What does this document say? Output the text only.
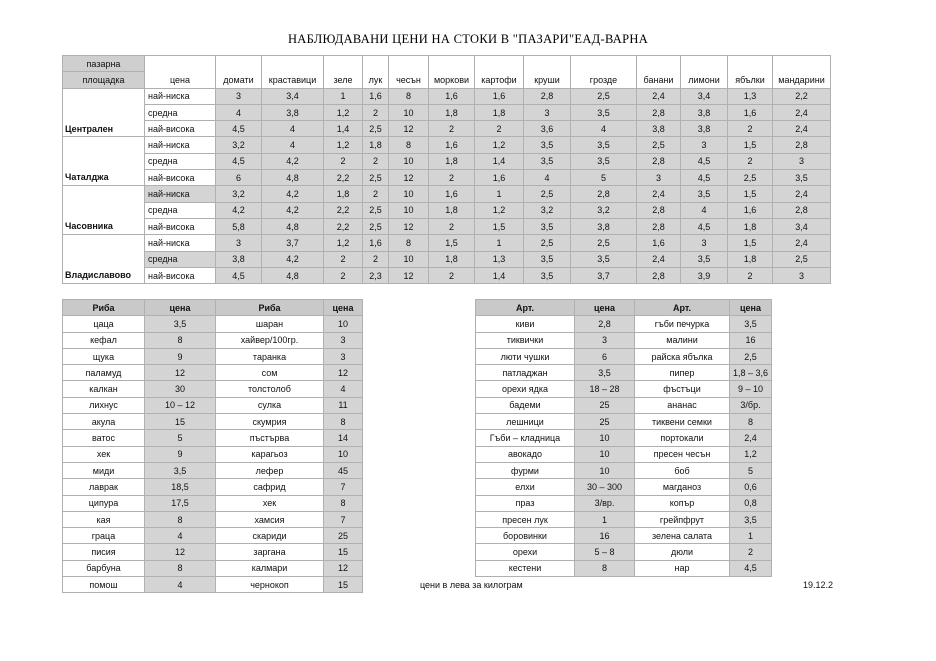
НАБЛЮДАВАНИ ЦЕНИ НА СТОКИ В "ПАЗАРИ"ЕАД-ВАРНА
пазарна	цена	домати	краставици	зеле	лук	чесън	моркови	картофи	круши	грозде	банани	лимони	ябълки	мандарини
площадка														
	най-ниска	3	3,4	1	1,6	8	1,6	1,6	2,8	2,5	2,4	3,4	1,3	2,2
	средна	4	3,8	1,2	2	10	1,8	1,8	3	3,5	2,8	3,8	1,6	2,4
Централен	най-висока	4,5	4	1,4	2,5	12	2	2	3,6	4	3,8	3,8	2	2,4
	най-ниска	3,2	4	1,2	1,8	8	1,6	1,2	3,5	3,5	2,5	3	1,5	2,8
	средна	4,5	4,2	2	2	10	1,8	1,4	3,5	3,5	2,8	4,5	2	3
Чаталджа	най-висока	6	4,8	2,2	2,5	12	2	1,6	4	5	3	4,5	2,5	3,5
	най-ниска	3,2	4,2	1,8	2	10	1,6	1	2,5	2,8	2,4	3,5	1,5	2,4
	средна	4,2	4,2	2,2	2,5	10	1,8	1,2	3,2	3,2	2,8	4	1,6	2,8
Часовника	най-висока	5,8	4,8	2,2	2,5	12	2	1,5	3,5	3,8	2,8	4,5	1,8	3,4
	най-ниска	3	3,7	1,2	1,6	8	1,5	1	2,5	2,5	1,6	3	1,5	2,4
	средна	3,8	4,2	2	2	10	1,8	1,3	3,5	3,5	2,4	3,5	1,8	2,5
Владиславово	най-висока	4,5	4,8	2	2,3	12	2	1,4	3,5	3,7	2,8	3,9	2	3
Риба	цена	Риба	цена
цаца	3,5	шаран	10
кефал	8	хайвер/100гр.	3
щука	9	таранка	3
паламуд	12	сом	12
калкан	30	толстолоб	4
лихнус	10 – 12	сулка	11
акула	15	скумрия	8
ватос	5	пъстърва	14
хек	9	карагьоз	10
миди	3,5	лефер	45
лаврак	18,5	сафрид	7
ципура	17,5	хек	8
кая	8	хамсия	7
граца	4	скариди	25
писия	12	заргана	15
барбуна	8	калмари	12
помош	4	чернокоп	15
Арт.	цена	Арт.	цена
киви	2,8	гъби печурка	3,5
тиквички	3	малини	16
люти чушки	6	райска ябълка	2,5
патладжан	3,5	пипер	1,8 – 3,6
орехи ядка	18 – 28	фъстъци	9 – 10
бадеми	25	ананас	3/бр.
лешници	25	тиквени семки	8
Гъби – кладница	10	портокали	2,4
авокадо	10	пресен чесън	1,2
фурми	10	боб	5
елхи	30 – 300	магданоз	0,6
праз	3/вр.	копър	0,8
пресен лук	1	грейпфрут	3,5
боровинки	16	зелена салата	1
орехи	5 – 8	дюли	2
кестени	8	нар	4,5
цени в лева за килограм	19.12.2
